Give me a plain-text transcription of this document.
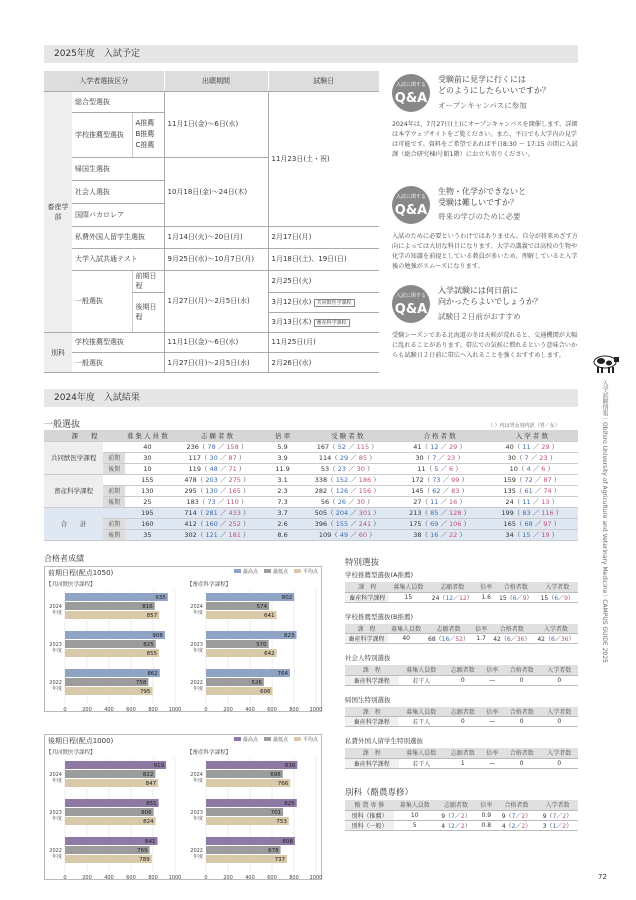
2025年度　入試予定
入学者選抜区分			出願期間	試験日
畜産学部	総合型選抜		11月1日(金)〜6日(水)	11月23日(土・祝)
	学校推薦型選抜	A推薦
B推薦
C推薦		

	帰国生選抜		10月18日(金)〜24日(木)	
	社会人選抜			
	国際バカロレア			
	私費外国人留学生選抜		1月14日(火)〜20日(月)	2月17日(月)
	大学入試共通テスト		9月25日(水)〜10月7日(月)	1月18日(土)、19日(日)
	一般選抜	前期日程	1月27日(月)〜2月5日(水)	2月25日(火)
		後期日程		3月12日(水) 共同獣医学課程
				3月13日(木) 畜産科学課程

別科	学校推薦型選抜		11月1日(金)〜6日(水)	11月25日(月)
	一般選抜		1月27日(月)〜2月5日(水)	2月26日(水)
入試に関する
Q&A
受験前に見学に行くには
どのようにしたらいいですか？
オープンキャンパスに参加
2024年は、7月27日(土)にオープンキャンパスを開催します。詳細は本学ウェブサイトをご覧ください。また、平日でも大学内の見学は可能です。資料をご希望であれば平日8:30 〜 17:15 の間に入試課（総合研究棟Ⅰ号館1階）にお立ち寄りください。
入試に関する
Q&A
生物・化学ができないと
受験は難しいですか？
将来の学びのために必要
入試のために必要というわけではありません。自分が将来めざす方向によっては大切な科目になります。大学の講義では高校の生物や化学の知識を前提としている教員が多いため、理解していると入学後の勉強がスムーズになります。
入試に関する
Q&A
入学試験には何日前に
向かったらよいでしょうか？
試験日２日前がおすすめ
受験シーズンである北海道の冬は天候が荒れると、交通機関が大幅に乱れることがあります。帯広での気候に慣れるという意味合いからも試験日２日前に帯広へ入れることを強くおすすめします。
入学試験情報｜Obihiro University of Agriculture and Veterinary Medicine｜CAMPUS GUIDE 2025
2024年度　入試結果
一般選抜	（ ）内は男女別内訳（男／女）
課　　程		募 集 人 員 数	志 願 者 数	倍 率	受 験 者 数	合 格 者 数	入 学 者 数
共同獣医学課程		40	236（ 78 ／ 158 ）	5.9	167（ 52 ／ 115 ）	41（ 12 ／ 29 ）	40（ 11 ／ 29 ）
	前期	30	117（ 30 ／ 87 ）	3.9	114（ 29 ／ 85 ）	30（ 7 ／ 23 ）	30（ 7 ／ 23 ）
	後期	10	119（ 48 ／ 71 ）	11.9	53（ 23 ／ 30 ）	11（ 5 ／ 6 ）	10（ 4 ／ 6 ）
畜産科学課程		155	478（ 203 ／ 275 ）	3.1	338（ 152 ／ 186 ）	172（ 73 ／ 99 ）	159（ 72 ／ 87 ）
	前期	130	295（ 130 ／ 165 ）	2.3	282（ 126 ／ 156 ）	145（ 62 ／ 83 ）	135（ 61 ／ 74 ）
	後期	25	183（ 73 ／ 110 ）	7.3	56（ 26 ／ 30 ）	27（ 11 ／ 16 ）	24（ 11 ／ 13 ）
合　　計		195	714（ 281 ／ 433 ）	3.7	505（ 204 ／ 301 ）	213（ 85 ／ 128 ）	199（ 83 ／ 116 ）
	前期	160	412（ 160 ／ 252 ）	2.6	396（ 155 ／ 241 ）	175（ 69 ／ 106 ）	165（ 68 ／ 97 ）
	後期	35	302（ 121 ／ 181 ）	8.6	109（ 49 ／ 60 ）	38（ 16 ／ 22 ）	34（ 15 ／ 19 ）
合格者成績
前期日程(配点1050)
後期日程(配点1000)
最高点	最低点	平均点
最高点	最低点	平均点
【共同獣医学課程】
0	200 400 600 800 1000
2024
年度
935
816
857
2023
年度
908
825
855
2022
年度
862
758
795
【畜産科学課程】
0	200 400 600 800 1000
2024
年度
802
574
641
2023
年度
823
570
642
2022
年度
764
526
606
【共同獣医学課程】
0	200 400 600 800 1000
2024
年度
919
822
847
2023
年度
851
806
824
2022
年度
841
769
789
【畜産科学課程】
0	200 400 600 800 1000
2024
年度
830
698
766
2023
年度
825
701
753
2022
年度
808
678
737
特別選抜
学校推薦型選抜(A推薦)
課　程	募集人員数	志願者数	倍率	合格者数	入学者数
畜産科学課程	15	24（12／12）	1.6	15（6／9）	15（6／9）
学校推薦型選抜(B推薦)
課　程	募集人員数	志願者数	倍率	合格者数	入学者数
畜産科学課程	40	68（16／52）	1.7	42（6／36）	42（6／36）
社会人特別選抜
課　程	募集人員数	志願者数	倍率	合格者数	入学者数
畜産科学課程	若干人	0	—	0	0
帰国生特別選抜
課　程	募集人員数	志願者数	倍率	合格者数	入学者数
畜産科学課程	若干人	0	—	0	0
私費外国人留学生特別選抜
課　程	募集人員数	志願者数	倍率	合格者数	入学者数
畜産科学課程	若干人	1	—	0	0
別科（酪農専修）
酪 農 専 修	募集人員数	志願者数	倍率	合格者数	入学者数
別科（推薦）	10	9（7／2）	0.9	9（7／2）	9（7／2）
別科（一般）	5	4（2／2）	0.8	4（2／2）	3（1／2）
72
